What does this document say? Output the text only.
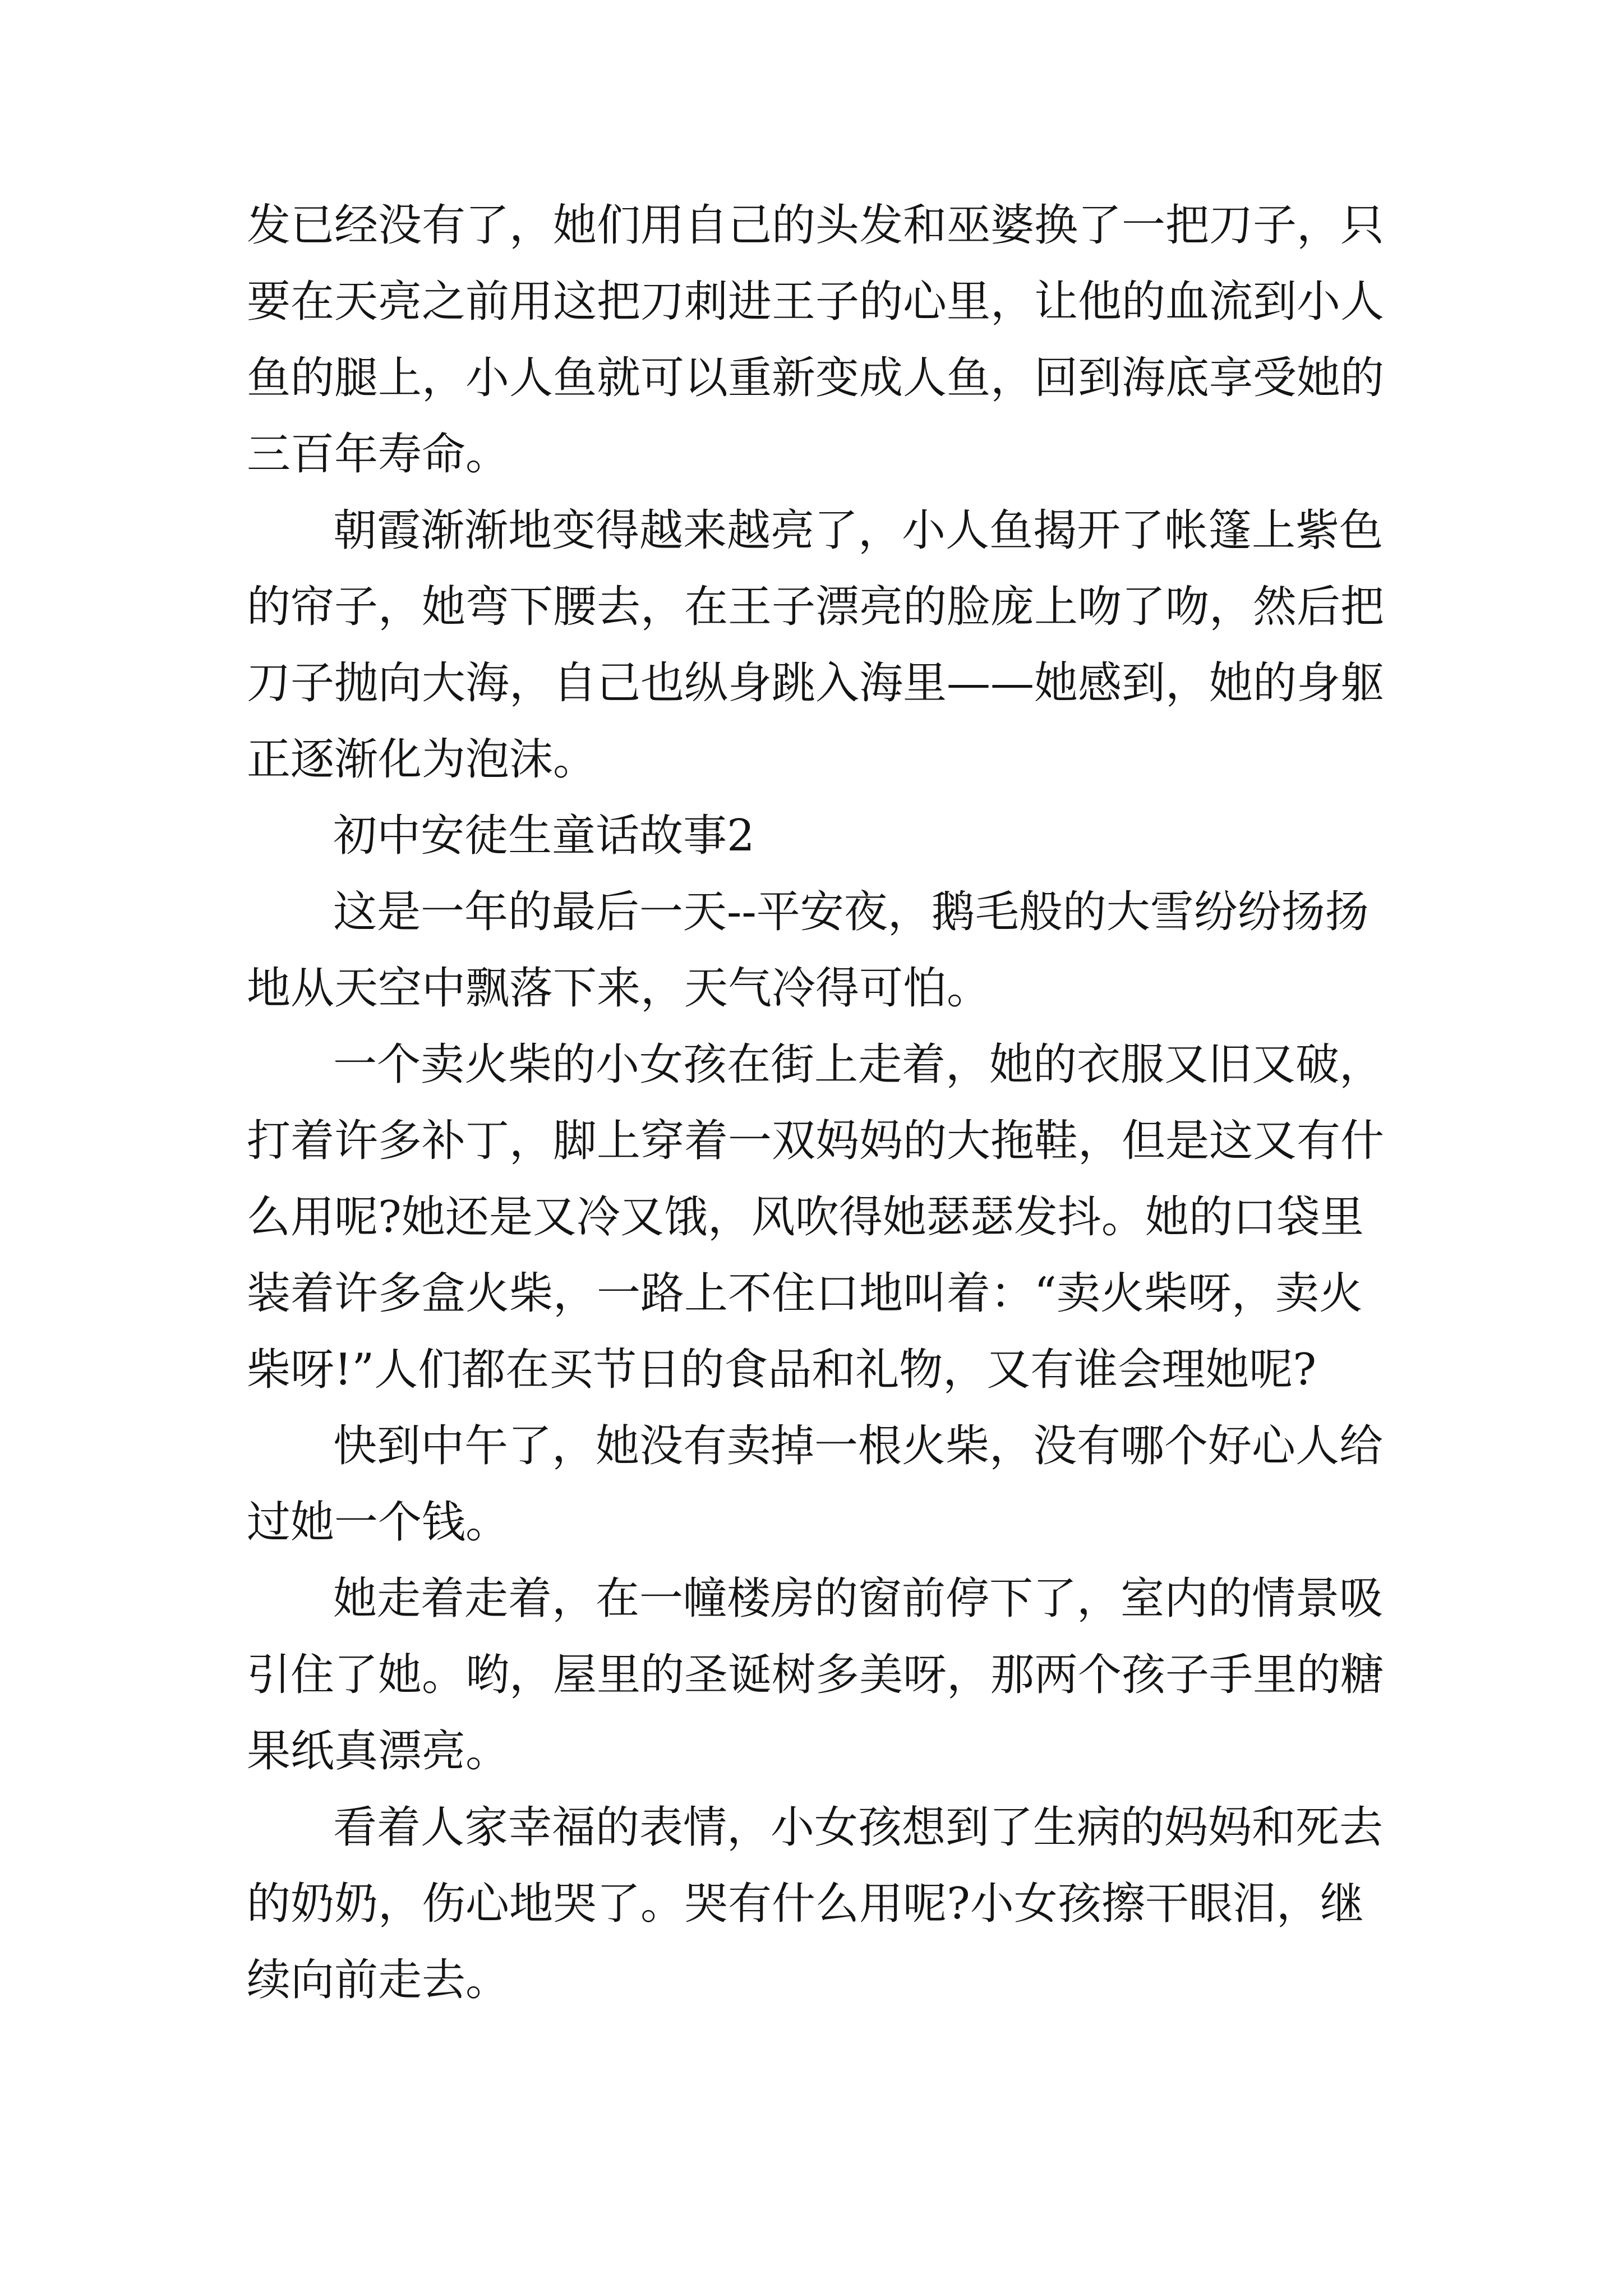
发已经没有了，她们用自己的头发和巫婆换了一把刀子，只
要在天亮之前用这把刀刺进王子的心里，让他的血流到小人
鱼的腿上，小人鱼就可以重新变成人鱼，回到海底享受她的
三百年寿命。
朝霞渐渐地变得越来越亮了，小人鱼揭开了帐篷上紫色
的帘子，她弯下腰去，在王子漂亮的脸庞上吻了吻，然后把
刀子抛向大海，自己也纵身跳入海里——她感到，她的身躯
正逐渐化为泡沫。
初中安徒生童话故事2
这是一年的最后一天--平安夜，鹅毛般的大雪纷纷扬扬
地从天空中飘落下来，天气冷得可怕。
一个卖火柴的小女孩在街上走着，她的衣服又旧又破，
打着许多补丁，脚上穿着一双妈妈的大拖鞋，但是这又有什
么用呢?她还是又冷又饿，风吹得她瑟瑟发抖。她的口袋里
装着许多盒火柴，一路上不住口地叫着：“卖火柴呀，卖火
柴呀!”人们都在买节日的食品和礼物，又有谁会理她呢?
快到中午了，她没有卖掉一根火柴，没有哪个好心人给
过她一个钱。
她走着走着，在一幢楼房的窗前停下了，室内的情景吸
引住了她。哟，屋里的圣诞树多美呀，那两个孩子手里的糖
果纸真漂亮。
看着人家幸福的表情，小女孩想到了生病的妈妈和死去
的奶奶，伤心地哭了。哭有什么用呢?小女孩擦干眼泪，继
续向前走去。
